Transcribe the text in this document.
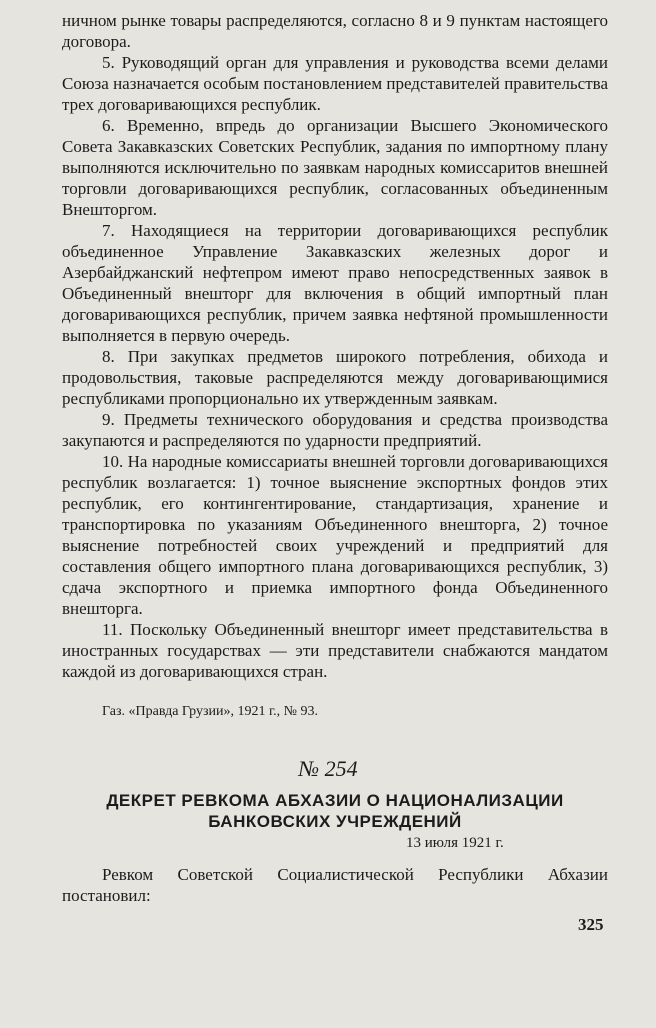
ничном рынке товары распределяются, согласно 8 и 9 пунктам настоящего договора.

5. Руководящий орган для управления и руководства всеми делами Союза назначается особым постановлением представителей правительства трех договаривающихся республик.

6. Временно, впредь до организации Высшего Экономического Совета Закавказских Советских Республик, задания по импортному плану выполняются исключительно по заявкам народных комиссаритов внешней торговли договаривающихся республик, согласованных объединенным Внешторгом.

7. Находящиеся на территории договаривающихся республик объединенное Управление Закавказских железных дорог и Азербайджанский нефтепром имеют право непосредственных заявок в Объединенный внешторг для включения в общий импортный план договаривающихся республик, причем заявка нефтяной промышленности выполняется в первую очередь.

8. При закупках предметов широкого потребления, обихода и продовольствия, таковые распределяются между договаривающимися республиками пропорционально их утвержденным заявкам.

9. Предметы технического оборудования и средства производства закупаются и распределяются по ударности предприятий.

10. На народные комиссариаты внешней торговли договаривающихся республик возлагается: 1) точное выяснение экспортных фондов этих республик, его контингентирование, стандартизация, хранение и транспортировка по указаниям Объединенного внешторга, 2) точное выяснение потребностей своих учреждений и предприятий для составления общего импортного плана договаривающихся республик, 3) сдача экспортного и приемка импортного фонда Объединенного внешторга.

11. Поскольку Объединенный внешторг имеет представительства в иностранных государствах — эти представители снабжаются мандатом каждой из договаривающихся стран.

Газ. «Правда Грузии», 1921 г., № 93.
№ 254
ДЕКРЕТ РЕВКОМА АБХАЗИИ О НАЦИОНАЛИЗАЦИИ БАНКОВСКИХ УЧРЕЖДЕНИЙ
13 июля 1921 г.

Ревком Советской Социалистической Республики Абхазии постановил:

325
